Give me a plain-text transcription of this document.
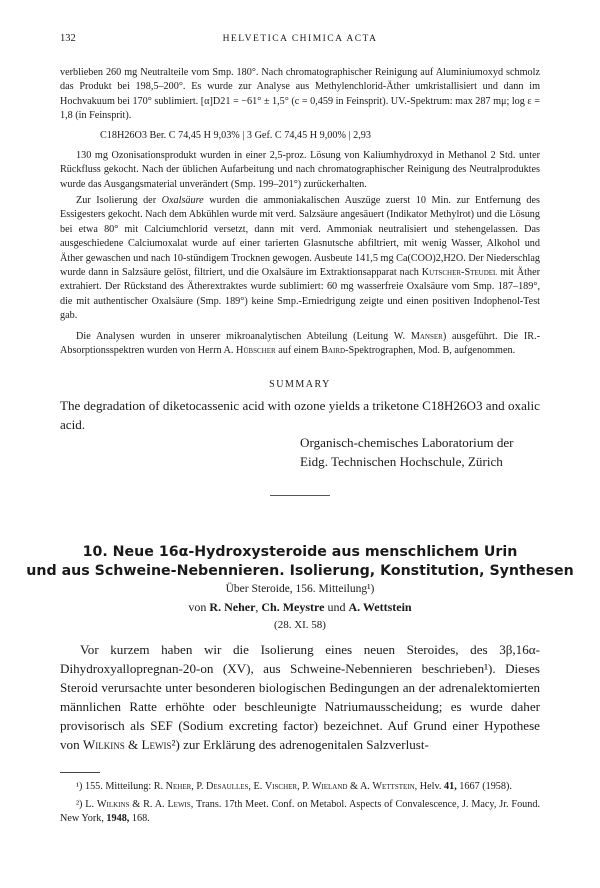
132	HELVETICA CHIMICA ACTA

verblieben 260 mg Neutralteile vom Smp. 180°. Nach chromatographischer Reinigung auf Aluminiumoxyd schmolz das Produkt bei 198,5–200°. Es wurde zur Analyse aus Methylenchlorid-Äther umkristallisiert und dann im Hochvakuum bei 170° sublimiert. [α]D21 = −61° ± 1,5° (c = 0,459 in Feinsprit). UV.-Spektrum: max 287 mμ; log ε = 1,8 (in Feinsprit).

C18H26O3 Ber. C 74,45 H 9,03% | 3 Gef. C 74,45 H 9,00% | 2,93

130 mg Ozonisationsprodukt wurden in einer 2,5-proz. Lösung von Kaliumhydroxyd in Methanol 2 Std. unter Rückfluss gekocht. Nach der üblichen Aufarbeitung und nach chromatographischer Reinigung des Neutralproduktes wurde das Ausgangsmaterial unverändert (Smp. 199–201°) zurückerhalten.

Zur Isolierung der Oxalsäure wurden die ammoniakalischen Auszüge zuerst 10 Min. zur Entfernung des Essigesters gekocht. Nach dem Abkühlen wurde mit verd. Salzsäure angesäuert (Indikator Methylrot) und die Lösung bei etwa 80° mit Calciumchlorid versetzt, dann mit verd. Ammoniak neutralisiert und stehengelassen. Das ausgeschiedene Calciumoxalat wurde auf einer tarierten Glasnutsche abfiltriert, mit wenig Wasser, Alkohol und Äther gewaschen und nach 10-stündigem Trocknen gewogen. Ausbeute 141,5 mg Ca(COO)2,H2O. Der Niederschlag wurde dann in Salzsäure gelöst, filtriert, und die Oxalsäure im Extraktionsapparat nach Kutscher-Steudel mit Äther extrahiert. Der Rückstand des Ätherextraktes wurde sublimiert: 60 mg wasserfreie Oxalsäure vom Smp. 187–189°, die mit authentischer Oxalsäure (Smp. 189°) keine Smp.-Erniedrigung zeigte und einen positiven Indophenol-Test gab.

Die Analysen wurden in unserer mikroanalytischen Abteilung (Leitung W. Manser) ausgeführt. Die IR.-Absorptionsspektren wurden von Herrn A. Hübscher auf einem Baird-Spektrographen, Mod. B, aufgenommen.

SUMMARY

The degradation of diketocassenic acid with ozone yields a triketone C18H26O3 and oxalic acid.

Organisch-chemisches Laboratorium der
Eidg. Technischen Hochschule, Zürich
10. Neue 16α-Hydroxysteroide aus menschlichem Urin
und aus Schweine-Nebennieren. Isolierung, Konstitution, Synthesen
Über Steroide, 156. Mitteilung¹)
von R. Neher, Ch. Meystre und A. Wettstein
(28. XI. 58)

Vor kurzem haben wir die Isolierung eines neuen Steroides, des 3β,16α-Dihydroxyallopregnan-20-on (XV), aus Schweine-Nebennieren beschrieben¹). Dieses Steroid verursachte unter besonderen biologischen Bedingungen an der adrenalektomierten männlichen Ratte erhöhte oder beschleunigte Natriumausscheidung; es wurde daher provisorisch als SEF (Sodium excreting factor) bezeichnet. Auf Grund einer Hypothese von Wilkins & Lewis²) zur Erklärung des adrenogenitalen Salzverlust-

¹) 155. Mitteilung: R. Neher, P. Desaulles, E. Vischer, P. Wieland & A. Wettstein, Helv. 41, 1667 (1958).

²) L. Wilkins & R. A. Lewis, Trans. 17th Meet. Conf. on Metabol. Aspects of Convalescence, J. Macy, Jr. Found. New York, 1948, 168.
